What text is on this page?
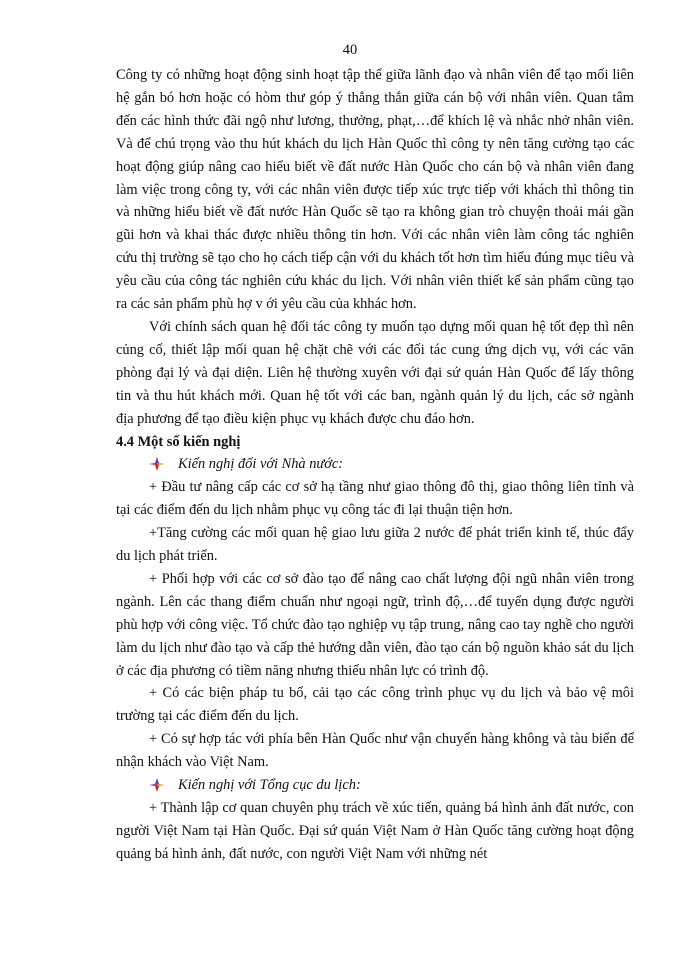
40

Công ty có những hoạt động sinh hoạt tập thể giữa lãnh đạo và nhân viên để tạo mối liên hệ gắn bó hơn hoặc có hòm thư góp ý thẳng thắn giữa cán bộ với nhân viên. Quan tâm đến các hình thức đãi ngộ như lương, thưởng, phạt,…để khích lệ và nhắc nhở nhân viên. Và để chú trọng vào thu hút khách du lịch Hàn Quốc thì công ty nên tăng cường tạo các hoạt động giúp nâng cao hiểu biết về đất nước Hàn Quốc cho cán bộ và nhân viên đang làm việc trong công ty, với các nhân viên được tiếp xúc trực tiếp với khách thì thông tin và những hiểu biết về đất nước Hàn Quốc sẽ tạo ra không gian trò chuyện thoải mái gần gũi hơn và khai thác được nhiều thông tin hơn. Với các nhân viên làm công tác nghiên cứu thị trường sẽ tạo cho họ cách tiếp cận với du khách tốt hơn tìm hiểu đúng mục tiêu và yêu cầu của công tác nghiên cứu khác du lịch. Với nhân viên thiết kế sản phẩm cũng tạo ra các sản phẩm phù hợ v ới yêu cầu của khhác hơn.

Với chính sách quan hệ đối tác công ty muốn tạo dựng mối quan hệ tốt đẹp thì nên củng cố, thiết lập mối quan hệ chặt chẽ với các đối tác cung ứng dịch vụ, với các văn phòng đại lý và đại diện. Liên hệ thường xuyên với đại sứ quán Hàn Quốc để lấy thông tin và thu hút khách mới. Quan hệ tốt với các ban, ngành quản lý du lịch, các sở ngành địa phương để tạo điều kiện phục vụ khách được chu đáo hơn.

4.4 Một số kiến nghị

Kiến nghị đối với Nhà nước:

+ Đầu tư nâng cấp các cơ sở hạ tầng như giao thông đô thị, giao thông liên tỉnh và tại các điểm đến du lịch nhằm phục vụ công tác đi lại thuận tiện hơn.

+Tăng cường các mối quan hệ giao lưu giữa 2 nước để phát triển kinh tế, thúc đẩy du lịch phát triển.

+ Phối hợp với các cơ sở đào tạo để nâng cao chất lượng đội ngũ nhân viên trong ngành. Lên các thang điểm chuẩn như ngoại ngữ, trình độ,…để tuyển dụng được người phù hợp với công việc. Tổ chức đào tạo nghiệp vụ tập trung, nâng cao tay nghề cho người làm du lịch như đào tạo và cấp thẻ hướng dẫn viên, đào tạo cán bộ nguồn khảo sát du lịch ở các địa phương có tiềm năng nhưng thiếu nhân lực có trình độ.

+ Có các biện pháp tu bổ, cải tạo các công trình phục vụ du lịch và bảo vệ môi trường tại các điểm đến du lịch.

+ Có sự hợp tác với phía bên Hàn Quốc như vận chuyển hàng không và tàu biển để nhận khách vào Việt Nam.

Kiến nghị với Tổng cục du lịch:

+ Thành lập cơ quan chuyên phụ trách về xúc tiến, quảng bá hình ảnh đất nước, con người Việt Nam tại Hàn Quốc. Đại sứ quán Việt Nam ở Hàn Quốc tăng cường hoạt động quảng bá hình ảnh, đất nước, con người Việt Nam với những nét
